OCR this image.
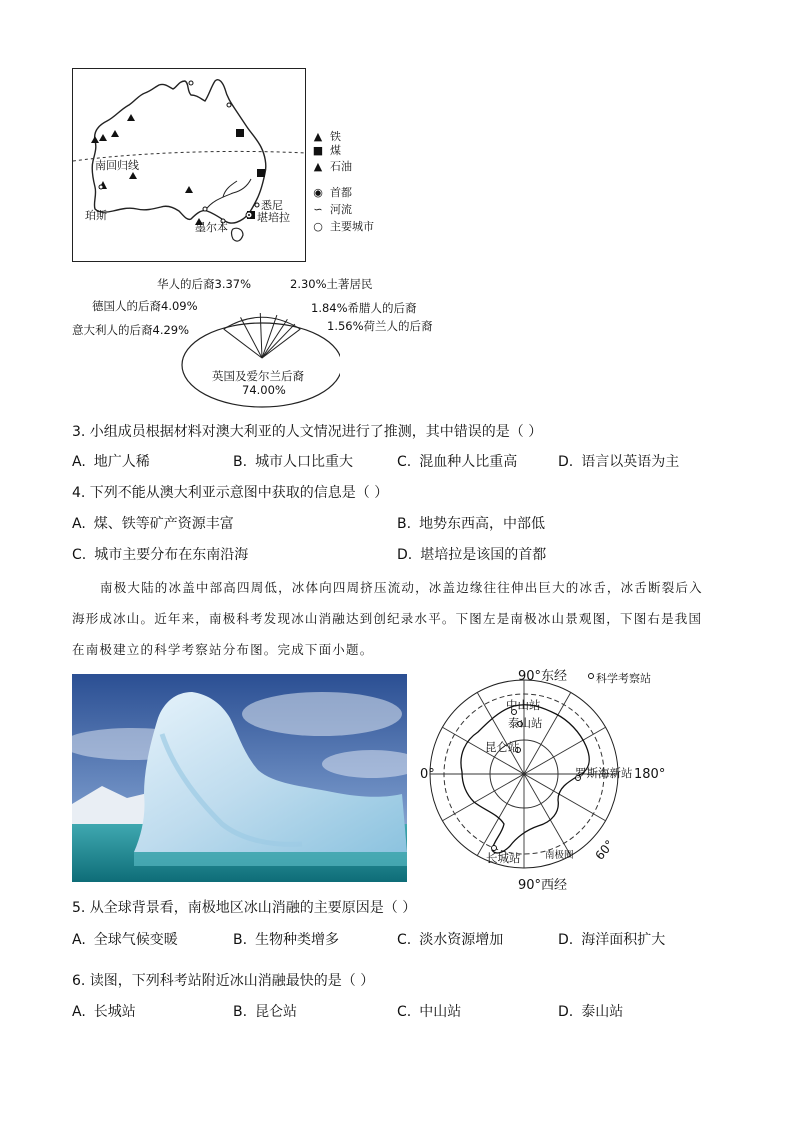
南回归线
珀斯
墨尔本
悉尼
堪培拉
▲ 铁
■ 煤
▲ 石油
◉ 首都
∽ 河流
○ 主要城市
华人的后裔3.37%	2.30%土著居民
德国人的后裔4.09%	1.84%希腊人的后裔
意大利人的后裔4.29%	1.56%荷兰人的后裔
英国及爱尔兰后裔
74.00%
3. 小组成员根据材料对澳大利亚的人文情况进行了推测，其中错误的是（ ）
A. 地广人稀	B. 城市人口比重大	C. 混血种人比重高	D. 语言以英语为主
4. 下列不能从澳大利亚示意图中获取的信息是（ ）
A. 煤、铁等矿产资源丰富	B. 地势东西高，中部低
C. 城市主要分布在东南沿海	D. 堪培拉是该国的首都
南极大陆的冰盖中部高四周低，冰体向四周挤压流动，冰盖边缘往往伸出巨大的冰舌，冰舌断裂后入
海形成冰山。近年来，南极科考发现冰山消融达到创纪录水平。下图左是南极冰山景观图，下图右是我国
在南极建立的科学考察站分布图。完成下面小题。
90°东经	科学考察站
0°	180°
90°西经
南极圈 60°
中山站
泰山站
昆仑站
罗斯海新站
长城站
5. 从全球背景看，南极地区冰山消融的主要原因是（ ）
A. 全球气候变暖	B. 生物种类增多	C. 淡水资源增加	D. 海洋面积扩大
6. 读图，下列科考站附近冰山消融最快的是（ ）
A. 长城站	B. 昆仑站	C. 中山站	D. 泰山站
